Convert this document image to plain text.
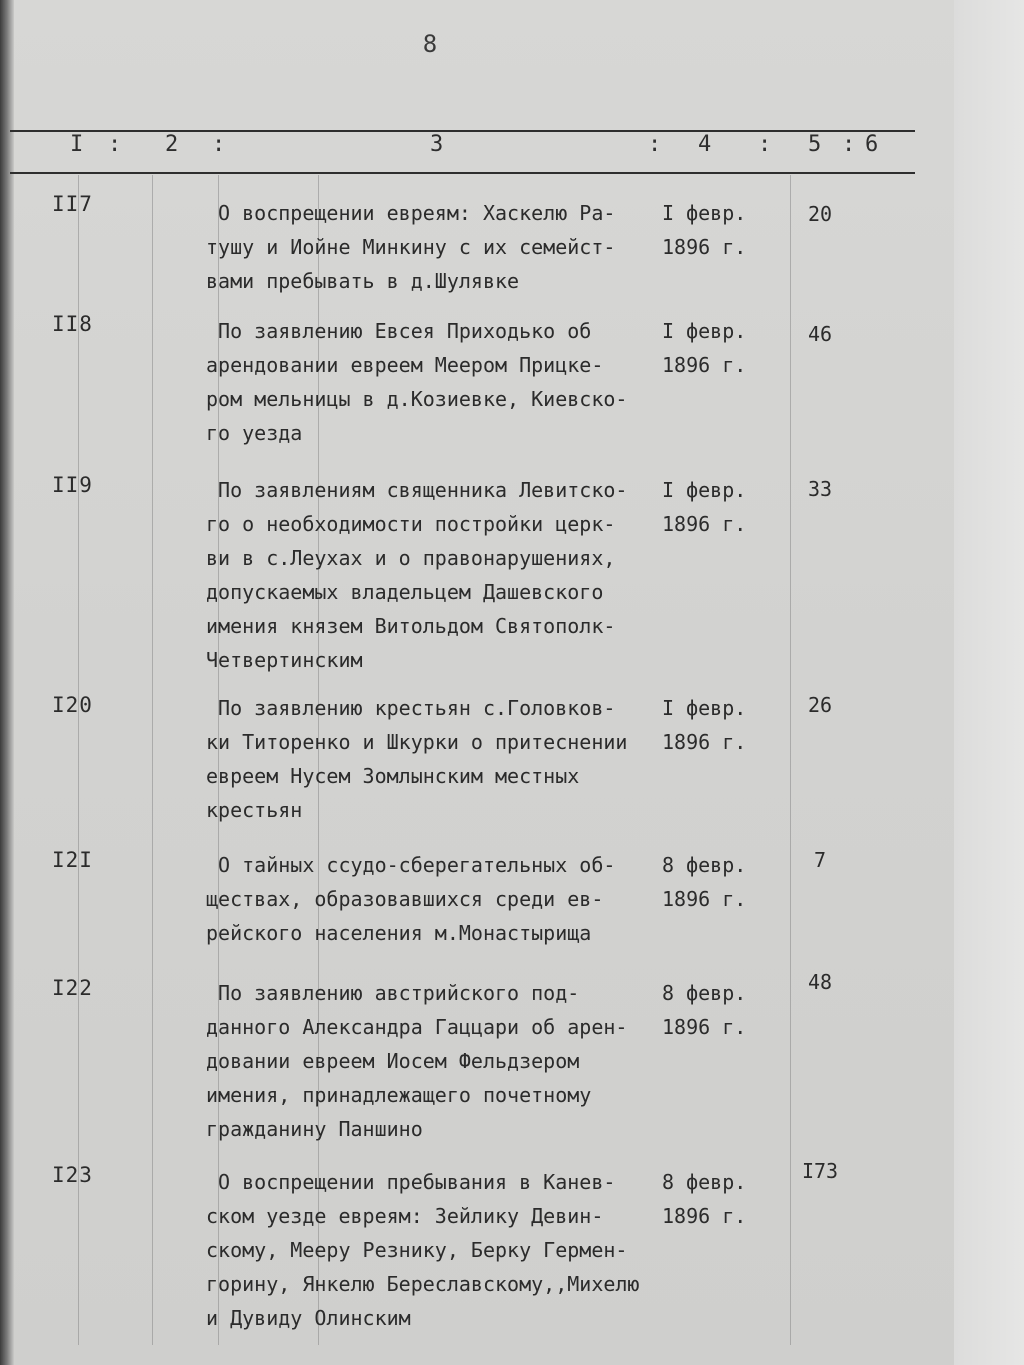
8
I : 2 :	3	: 4 : 5 : 6
II7	О воспрещении евреям: Хаскелю Ра-
тушу и Иойне Минкину с их семейст-
вами пребывать в д.Шулявке
I февр.
1896 г.
20
II8	По заявлению Евсея Приходько об
арендовании евреем Меером Прицке-
ром мельницы в д.Козиевке, Киевско-
го уезда
I февр.
1896 г.
46
II9	По заявлениям священника Левитско-
го о необходимости постройки церк-
ви в с.Леухах и о правонарушениях,
допускаемых владельцем Дашевского
имения князем Витольдом Святополк-
Четвертинским
I февр.
1896 г.
33
I20	По заявлению крестьян с.Головков-
ки Титоренко и Шкурки о притеснении
евреем Нусем Зомлынским местных
крестьян
I февр.
1896 г.
26
I2I	О тайных ссудо-сберегательных об-
ществах, образовавшихся среди ев-
рейского населения м.Монастырища
8 февр.
1896 г.
7
I22	По заявлению австрийского под-
данного Александра Гаццари об арен-
довании евреем Иосем Фельдзером
имения, принадлежащего почетному
гражданину Паншино
8 февр.
1896 г.
48
I23	О воспрещении пребывания в Канев-
ском уезде евреям: Зейлику Девин-
скому, Мееру Резнику, Берку Гермен-
горину, Янкелю Береславскому,,Михелю
и Дувиду Олинским
8 февр.
1896 г.
I73
